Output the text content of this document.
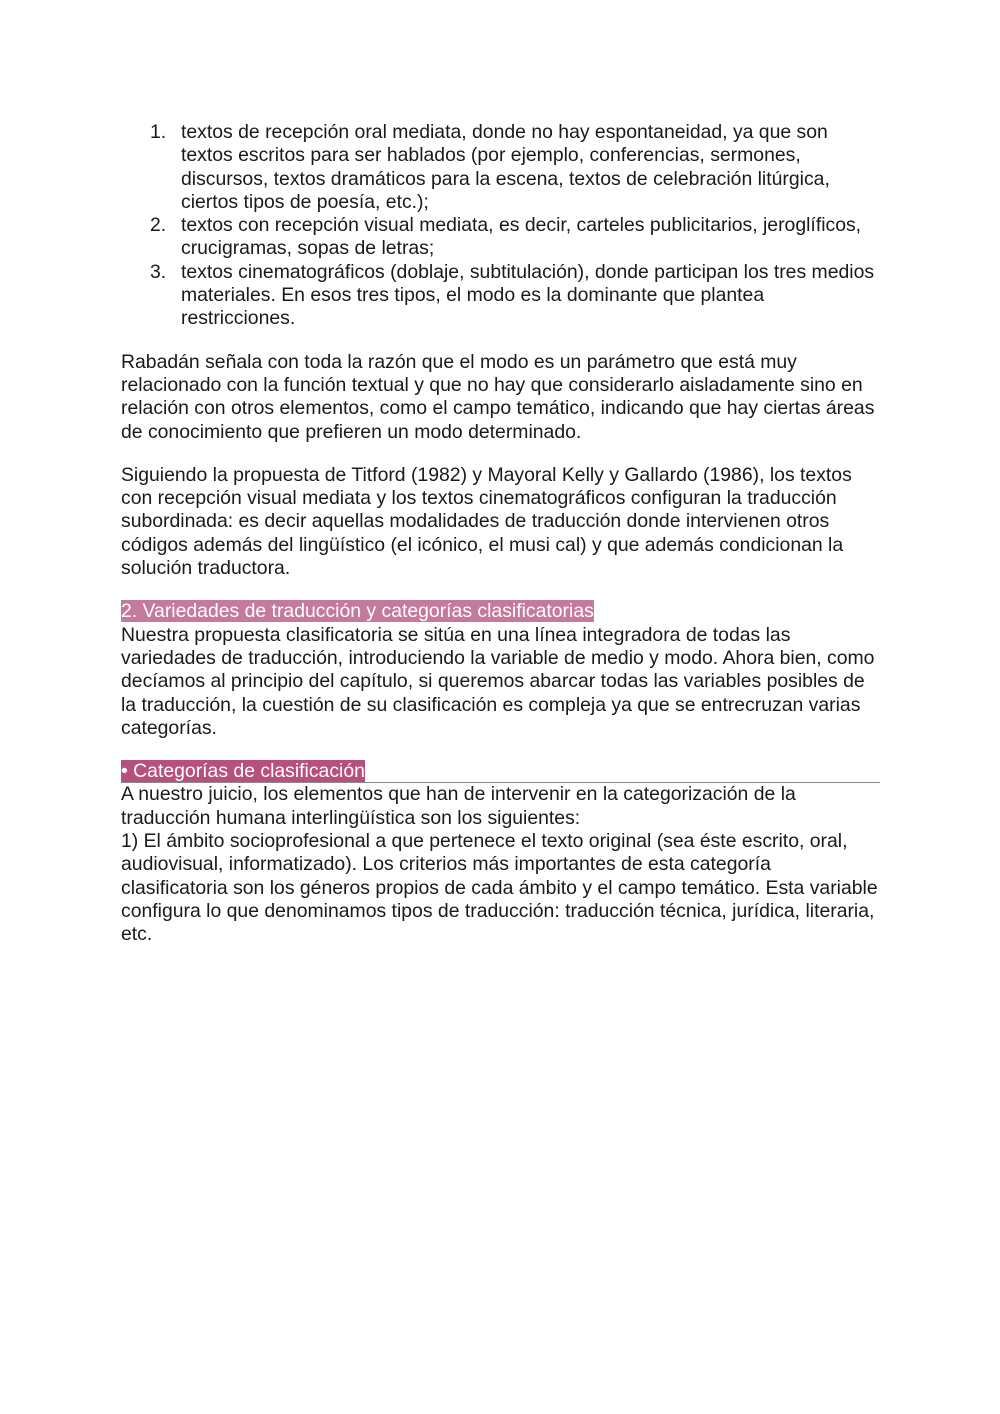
1. textos de recepción oral mediata, donde no hay espontaneidad, ya que son textos escritos para ser hablados (por ejemplo, conferencias, sermones, discursos, textos dramáticos para la escena, textos de celebración litúrgica, ciertos tipos de poesía, etc.);
2. textos con recepción visual mediata, es decir, carteles publicitarios, jeroglíficos, crucigramas, sopas de letras;
3. textos cinematográficos (doblaje, subtitulación), donde participan los tres medios materiales. En esos tres tipos, el modo es la dominante que plantea restricciones.

Rabadán señala con toda la razón que el modo es un parámetro que está muy relacionado con la función textual y que no hay que considerarlo aisladamente sino en relación con otros elementos, como el campo temático, indicando que hay ciertas áreas de conocimiento que prefieren un modo determinado.

Siguiendo la propuesta de Titford (1982) y Mayoral Kelly y Gallardo (1986), los textos con recepción visual mediata y los textos cinematográficos configuran la traducción subordinada: es decir aquellas modalidades de traducción donde intervienen otros códigos además del lingüístico (el icónico, el musi cal) y que además condicionan la solución traductora.

2. Variedades de traducción y categorías clasificatorias

Nuestra propuesta clasificatoria se sitúa en una línea integradora de todas las variedades de traducción, introduciendo la variable de medio y modo. Ahora bien, como decíamos al principio del capítulo, si queremos abarcar todas las variables posibles de la traducción, la cuestión de su clasificación es compleja ya que se entrecruzan varias categorías.

• Categorías de clasificación

A nuestro juicio, los elementos que han de intervenir en la categorización de la traducción humana interlingüística son los siguientes:

1) El ámbito socioprofesional a que pertenece el texto original (sea éste escrito, oral, audiovisual, informatizado). Los criterios más importantes de esta categoría clasificatoria son los géneros propios de cada ámbito y el campo temático. Esta variable configura lo que denominamos tipos de traducción: traducción técnica, jurídica, literaria, etc.
